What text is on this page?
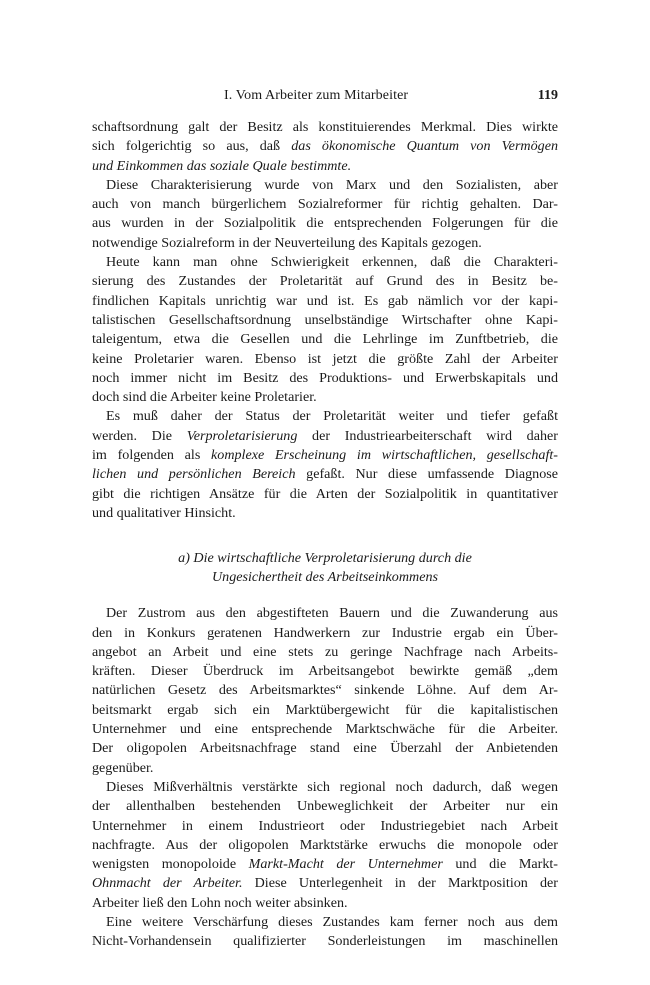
I. Vom Arbeiter zum Mitarbeiter	119
schaftsordnung galt der Besitz als konstituierendes Merkmal. Dies wirkte
sich folgerichtig so aus, daß das ökonomische Quantum von Vermögen
und Einkommen das soziale Quale bestimmte.
Diese Charakterisierung wurde von Marx und den Sozialisten, aber
auch von manch bürgerlichem Sozialreformer für richtig gehalten. Dar-
aus wurden in der Sozialpolitik die entsprechenden Folgerungen für die
notwendige Sozialreform in der Neuverteilung des Kapitals gezogen.
Heute kann man ohne Schwierigkeit erkennen, daß die Charakteri-
sierung des Zustandes der Proletarität auf Grund des in Besitz be-
findlichen Kapitals unrichtig war und ist. Es gab nämlich vor der kapi-
talistischen Gesellschaftsordnung unselbständige Wirtschafter ohne Kapi-
taleigentum, etwa die Gesellen und die Lehrlinge im Zunftbetrieb, die
keine Proletarier waren. Ebenso ist jetzt die größte Zahl der Arbeiter
noch immer nicht im Besitz des Produktions- und Erwerbskapitals und
doch sind die Arbeiter keine Proletarier.
Es muß daher der Status der Proletarität weiter und tiefer gefaßt
werden. Die Verproletarisierung der Industriearbeiterschaft wird daher
im folgenden als komplexe Erscheinung im wirtschaftlichen, gesellschaft-
lichen und persönlichen Bereich gefaßt. Nur diese umfassende Diagnose
gibt die richtigen Ansätze für die Arten der Sozialpolitik in quantitativer
und qualitativer Hinsicht.
a) Die wirtschaftliche Verproletarisierung durch die
Ungesichertheit des Arbeitseinkommens
Der Zustrom aus den abgestifteten Bauern und die Zuwanderung aus
den in Konkurs geratenen Handwerkern zur Industrie ergab ein Über-
angebot an Arbeit und eine stets zu geringe Nachfrage nach Arbeits-
kräften. Dieser Überdruck im Arbeitsangebot bewirkte gemäß „dem
natürlichen Gesetz des Arbeitsmarktes“ sinkende Löhne. Auf dem Ar-
beitsmarkt ergab sich ein Marktübergewicht für die kapitalistischen
Unternehmer und eine entsprechende Marktschwäche für die Arbeiter.
Der oligopolen Arbeitsnachfrage stand eine Überzahl der Anbietenden
gegenüber.
Dieses Mißverhältnis verstärkte sich regional noch dadurch, daß wegen
der allenthalben bestehenden Unbeweglichkeit der Arbeiter nur ein
Unternehmer in einem Industrieort oder Industriegebiet nach Arbeit
nachfragte. Aus der oligopolen Marktstärke erwuchs die monopole oder
wenigsten monopoloide Markt-Macht der Unternehmer und die Markt-
Ohnmacht der Arbeiter. Diese Unterlegenheit in der Marktposition der
Arbeiter ließ den Lohn noch weiter absinken.
Eine weitere Verschärfung dieses Zustandes kam ferner noch aus dem
Nicht-Vorhandensein qualifizierter Sonderleistungen im maschinellen
